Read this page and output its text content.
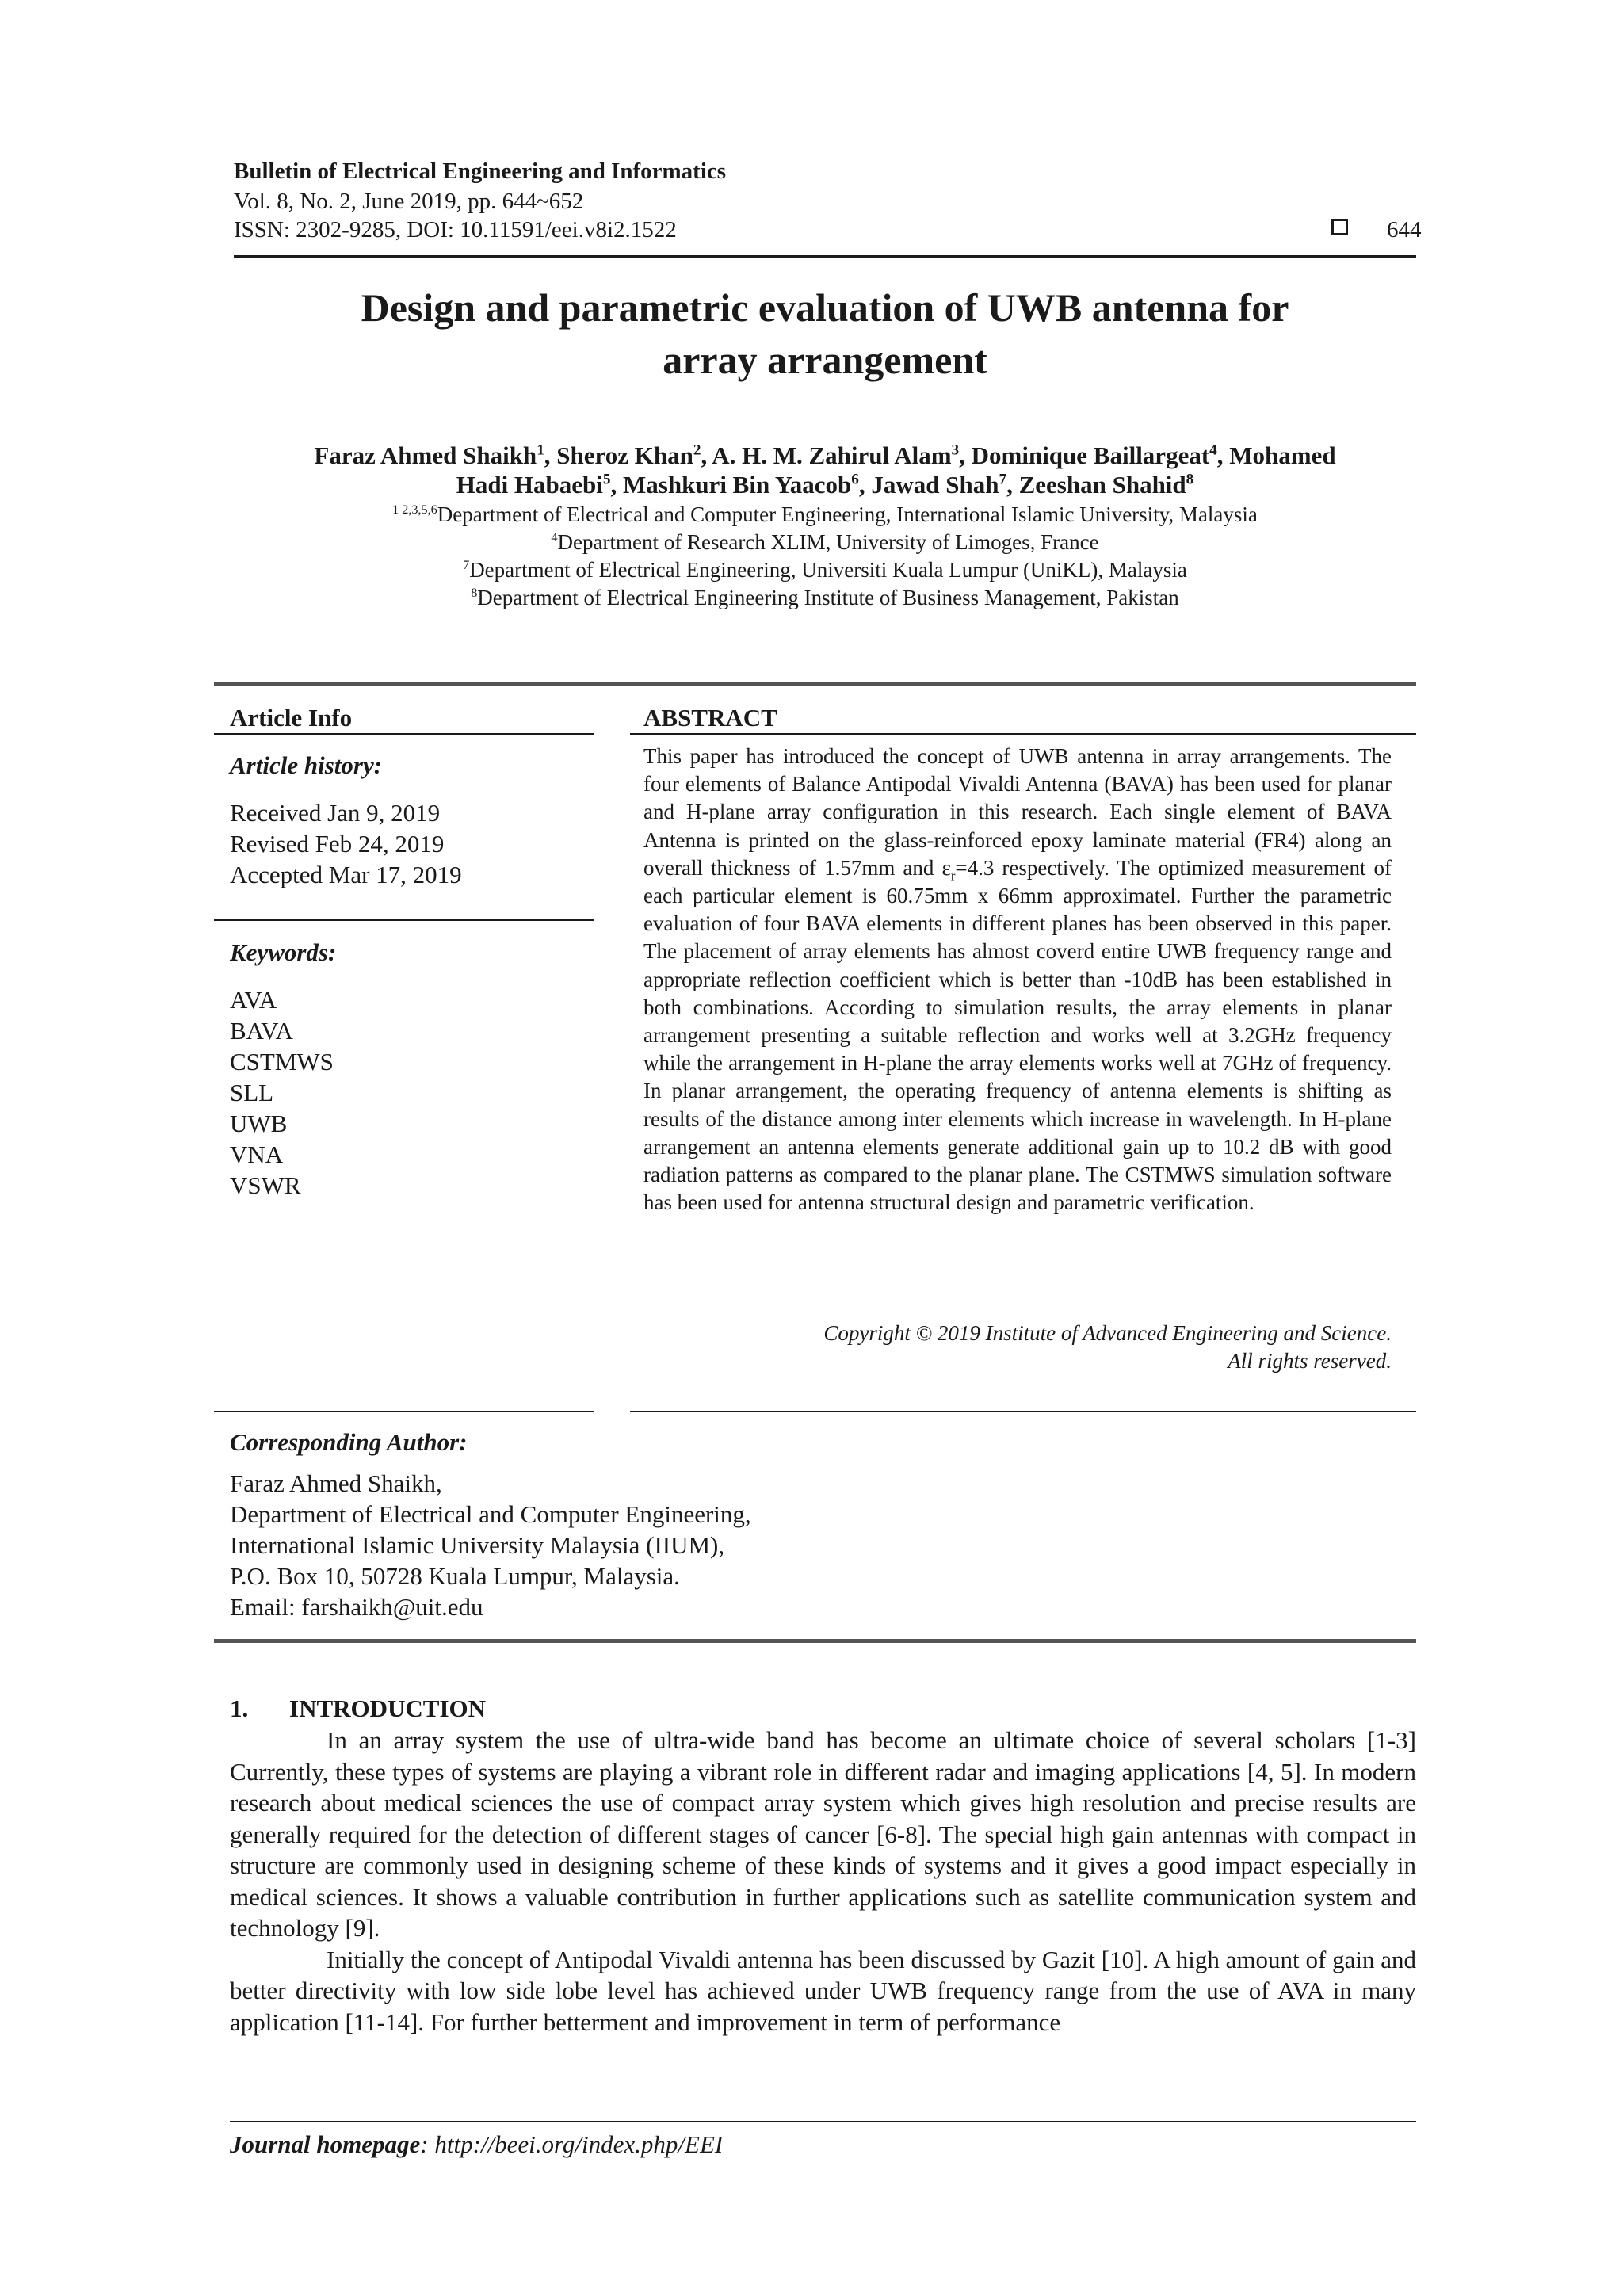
Bulletin of Electrical Engineering and Informatics
Vol. 8, No. 2, June 2019, pp. 644~652
ISSN: 2302-9285, DOI: 10.11591/eei.v8i2.1522	644
Design and parametric evaluation of UWB antenna for
array arrangement
Faraz Ahmed Shaikh$^1$, Sheroz Khan$^2$, A. H. M. Zahirul Alam$^3$, Dominique Baillargeat$^4$, Mohamed
Hadi Habaebi$^5$, Mashkuri Bin Yaacob$^6$, Jawad Shah$^7$, Zeeshan Shahid$^8$
$^{1 2,3,5,6}$Department of Electrical and Computer Engineering, International Islamic University, Malaysia
$^4$Department of Research XLIM, University of Limoges, France
$^7$Department of Electrical Engineering, Universiti Kuala Lumpur (UniKL), Malaysia
$^8$Department of Electrical Engineering Institute of Business Management, Pakistan
Article Info
Article history:
Received Jan 9, 2019
Revised Feb 24, 2019
Accepted Mar 17, 2019
Keywords:
AVA
BAVA
CSTMWS
SLL
UWB
VNA
VSWR
ABSTRACT
This paper has introduced the concept of UWB antenna in array arrangements. The four elements of Balance Antipodal Vivaldi Antenna (BAVA) has been used for planar and H-plane array configuration in this research. Each single element of BAVA Antenna is printed on the glass-reinforced epoxy laminate material (FR4) along an overall thickness of 1.57mm and $\varepsilon_r=4.3$ respectively. The optimized measurement of each particular element is 60.75mm x 66mm approximatel. Further the parametric evaluation of four BAVA elements in different planes has been observed in this paper. The placement of array elements has almost coverd entire UWB frequency range and appropriate reflection coefficient which is better than -10dB has been established in both combinations. According to simulation results, the array elements in planar arrangement presenting a suitable reflection and works well at 3.2GHz frequency while the arrangement in H-plane the array elements works well at 7GHz of frequency. In planar arrangement, the operating frequency of antenna elements is shifting as results of the distance among inter elements which increase in wavelength. In H-plane arrangement an antenna elements generate additional gain up to 10.2 dB with good radiation patterns as compared to the planar plane. The CSTMWS simulation software has been used for antenna structural design and parametric verification.
Copyright © 2019 Institute of Advanced Engineering and Science.
All rights reserved.
Corresponding Author:
Faraz Ahmed Shaikh,
Department of Electrical and Computer Engineering,
International Islamic University Malaysia (IIUM),
P.O. Box 10, 50728 Kuala Lumpur, Malaysia.
Email: farshaikh@uit.edu
1. INTRODUCTION

In an array system the use of ultra-wide band has become an ultimate choice of several scholars [1-3] Currently, these types of systems are playing a vibrant role in different radar and imaging applications [4, 5]. In modern research about medical sciences the use of compact array system which gives high resolution and precise results are generally required for the detection of different stages of cancer [6-8]. The special high gain antennas with compact in structure are commonly used in designing scheme of these kinds of systems and it gives a good impact especially in medical sciences. It shows a valuable contribution in further applications such as satellite communication system and technology [9].

Initially the concept of Antipodal Vivaldi antenna has been discussed by Gazit [10]. A high amount of gain and better directivity with low side lobe level has achieved under UWB frequency range from the use of AVA in many application [11-14]. For further betterment and improvement in term of performance

Journal homepage: http://beei.org/index.php/EEI
